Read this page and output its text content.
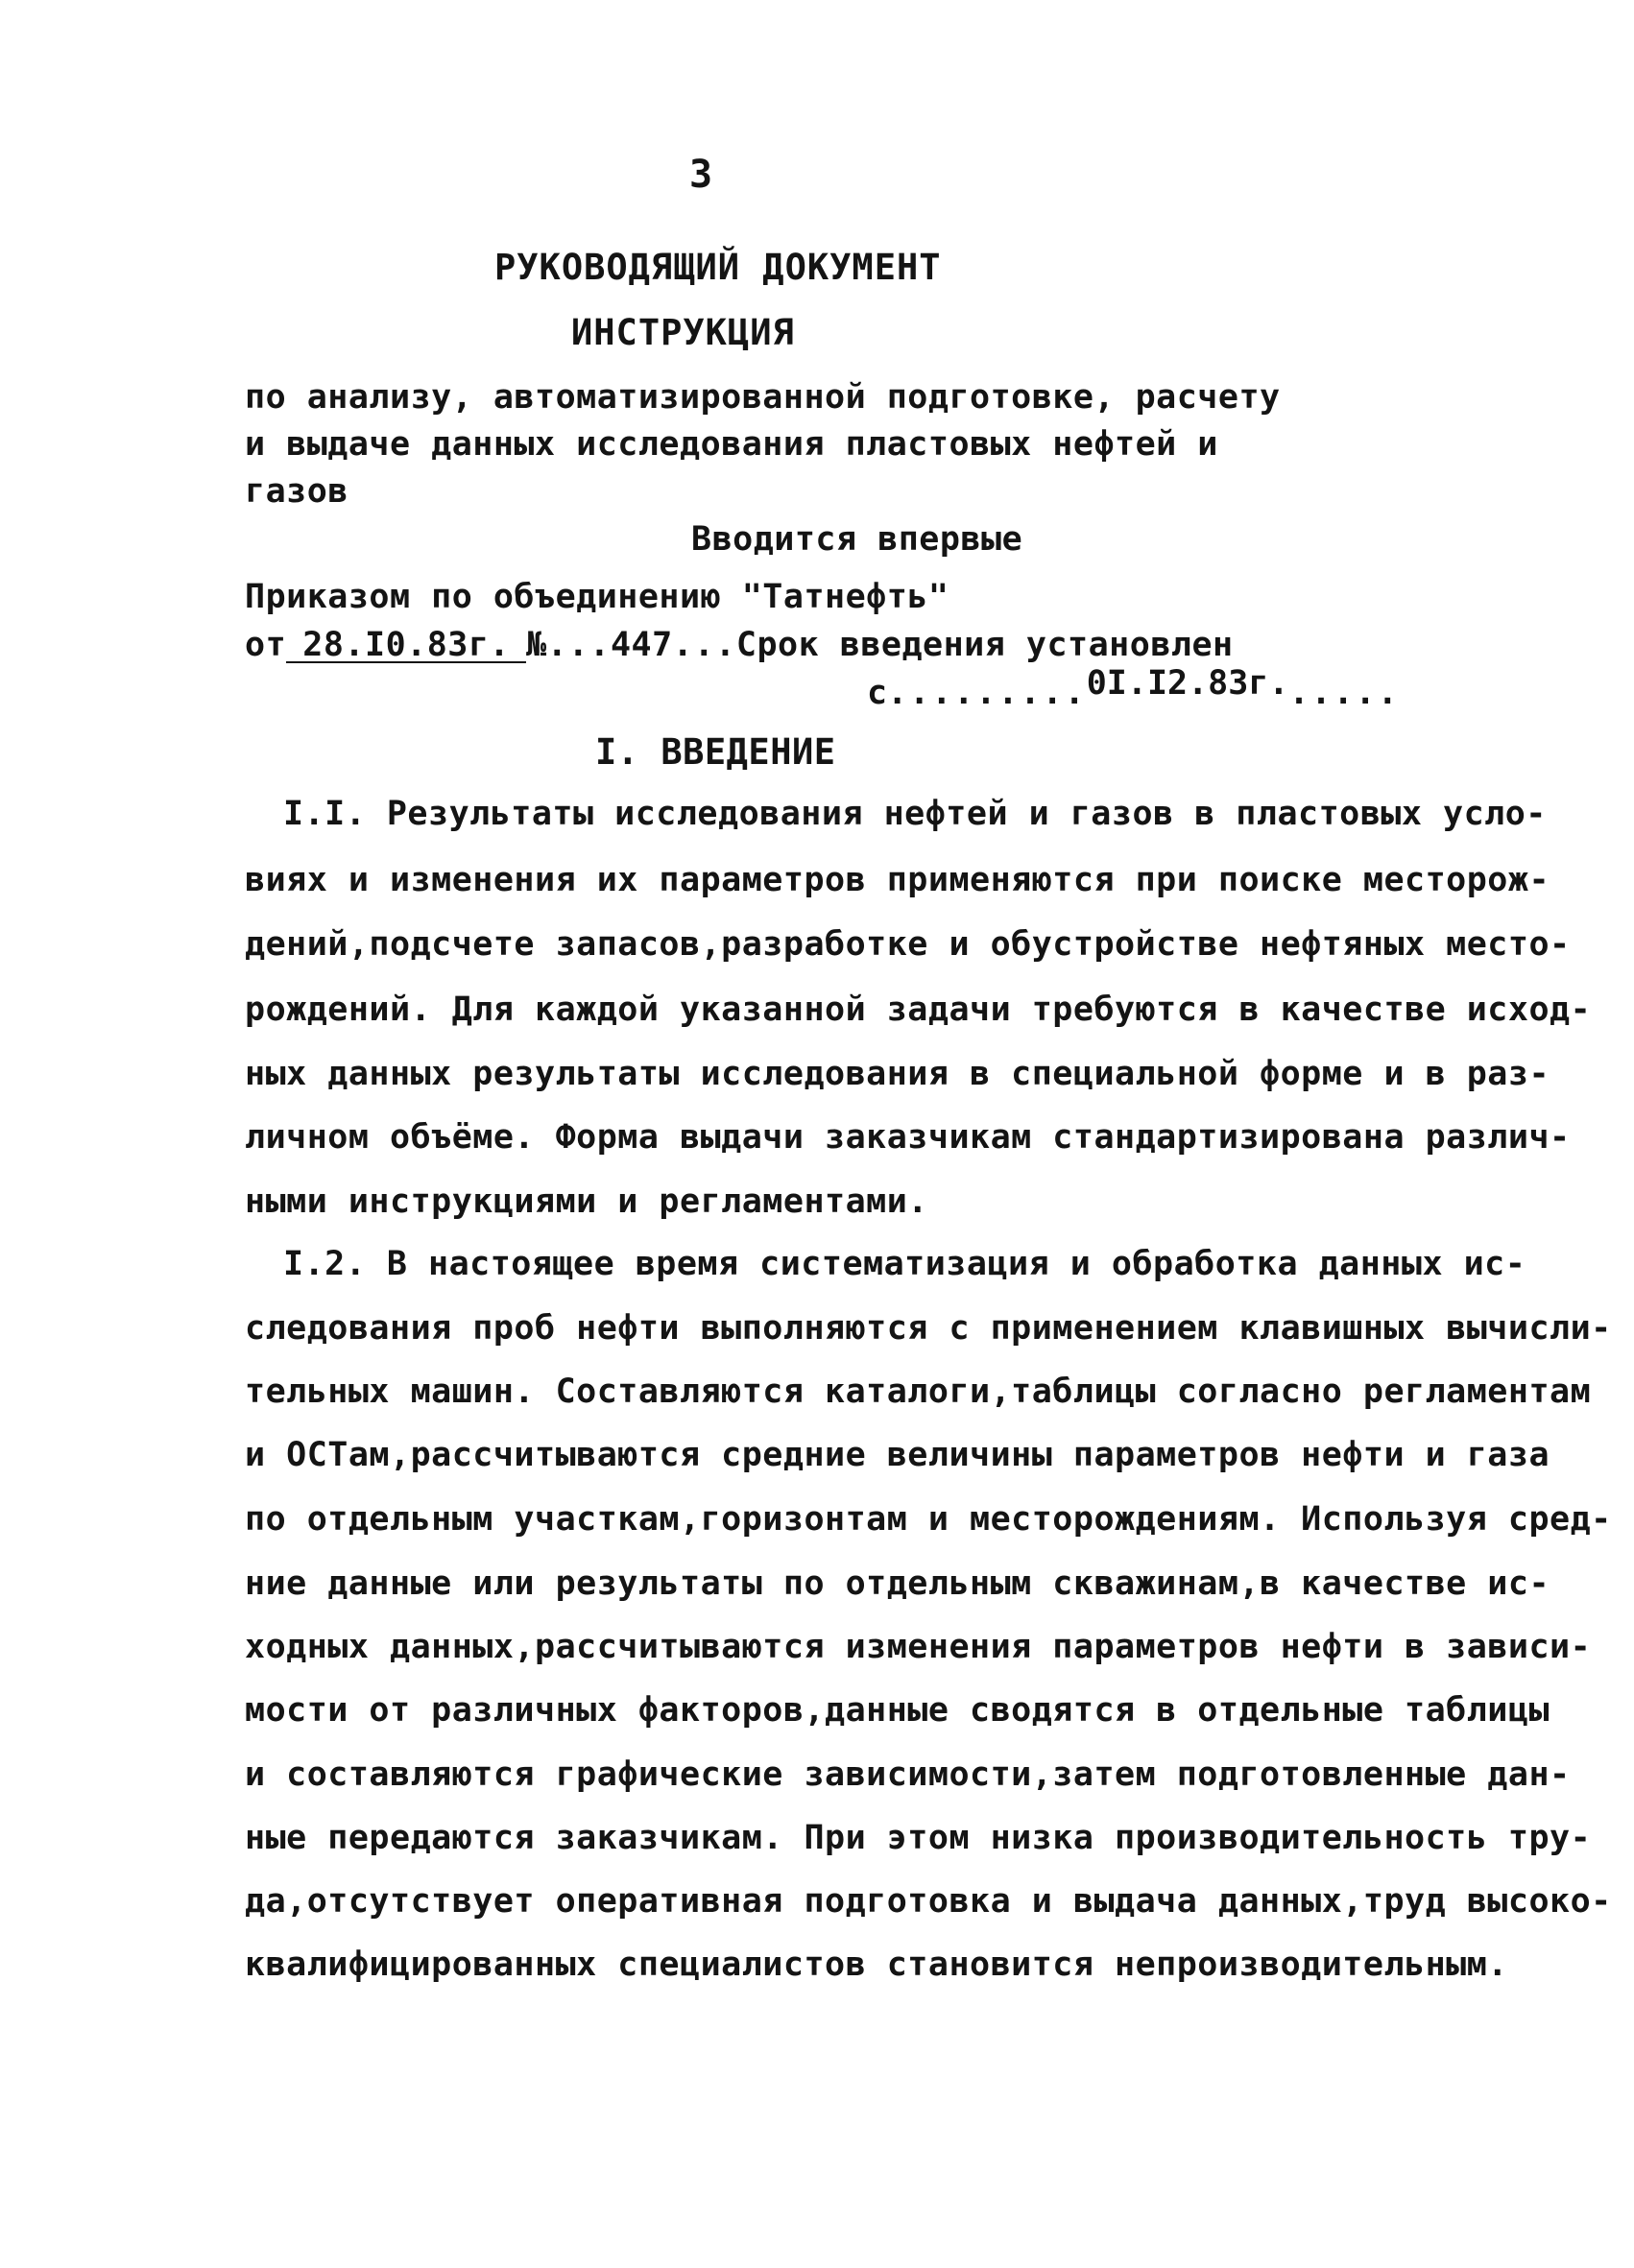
3
РУКОВОДЯЩИЙ ДОКУМЕНТ
ИНСТРУКЦИЯ
по анализу, автоматизированной подготовке, расчету
и выдаче данных исследования пластовых нефтей и
газов
Вводится впервые
Приказом по объединению "Татнефть"
от 28.I0.83г. №...447...Срок введения установлен
с.........0I.I2.83г......
I. ВВЕДЕНИЕ
I.I. Результаты исследования нефтей и газов в пластовых усло-
виях и изменения их параметров применяются при поиске месторож-
дений,подсчете запасов,разработке и обустройстве нефтяных место-
рождений. Для каждой указанной задачи требуются в качестве исход-
ных данных результаты исследования в специальной форме и в раз-
личном объёме. Форма выдачи заказчикам стандартизирована различ-
ными инструкциями и регламентами.
I.2. В настоящее время систематизация и обработка данных ис-
следования проб нефти выполняются с применением клавишных вычисли-
тельных машин. Составляются каталоги,таблицы согласно регламентам
и ОСТам,рассчитываются средние величины параметров нефти и газа
по отдельным участкам,горизонтам и месторождениям. Используя сред-
ние данные или результаты по отдельным скважинам,в качестве ис-
ходных данных,рассчитываются изменения параметров нефти в зависи-
мости от различных факторов,данные сводятся в отдельные таблицы
и составляются графические зависимости,затем подготовленные дан-
ные передаются заказчикам. При этом низка производительность тру-
да,отсутствует оперативная подготовка и выдача данных,труд высоко-
квалифицированных специалистов становится непроизводительным.
